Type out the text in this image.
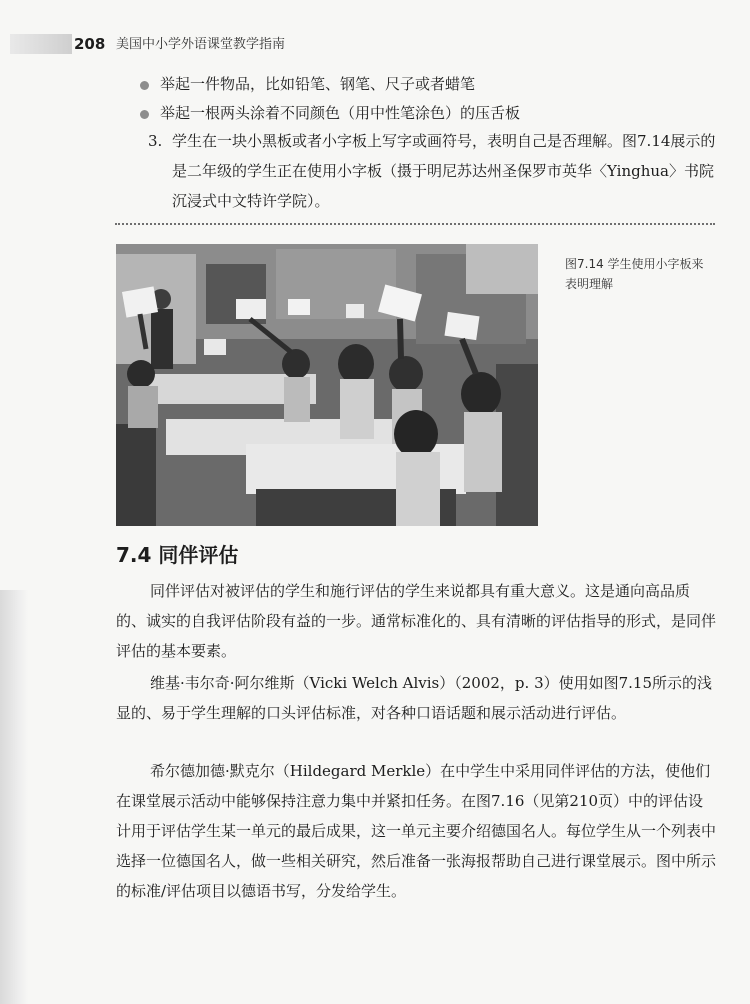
208 美国中小学外语课堂教学指南
举起一件物品，比如铅笔、钢笔、尺子或者蜡笔
举起一根两头涂着不同颜色（用中性笔涂色）的压舌板
3. 学生在一块小黑板或者小字板上写字或画符号，表明自己是否理解。图7.14展示的是二年级的学生正在使用小字板（摄于明尼苏达州圣保罗市英华〈Yinghua〉书院沉浸式中文特许学院）。
图7.14 学生使用小字板来表明理解
7.4 同伴评估

同伴评估对被评估的学生和施行评估的学生来说都具有重大意义。这是通向高品质的、诚实的自我评估阶段有益的一步。通常标准化的、具有清晰的评估指导的形式，是同伴评估的基本要素。

维基·韦尔奇·阿尔维斯（Vicki Welch Alvis）（2002，p. 3）使用如图7.15所示的浅显的、易于学生理解的口头评估标准，对各种口语话题和展示活动进行评估。

希尔德加德·默克尔（Hildegard Merkle）在中学生中采用同伴评估的方法，使他们在课堂展示活动中能够保持注意力集中并紧扣任务。在图7.16（见第210页）中的评估设计用于评估学生某一单元的最后成果，这一单元主要介绍德国名人。每位学生从一个列表中选择一位德国名人，做一些相关研究，然后准备一张海报帮助自己进行课堂展示。图中所示的标准/评估项目以德语书写，分发给学生。
